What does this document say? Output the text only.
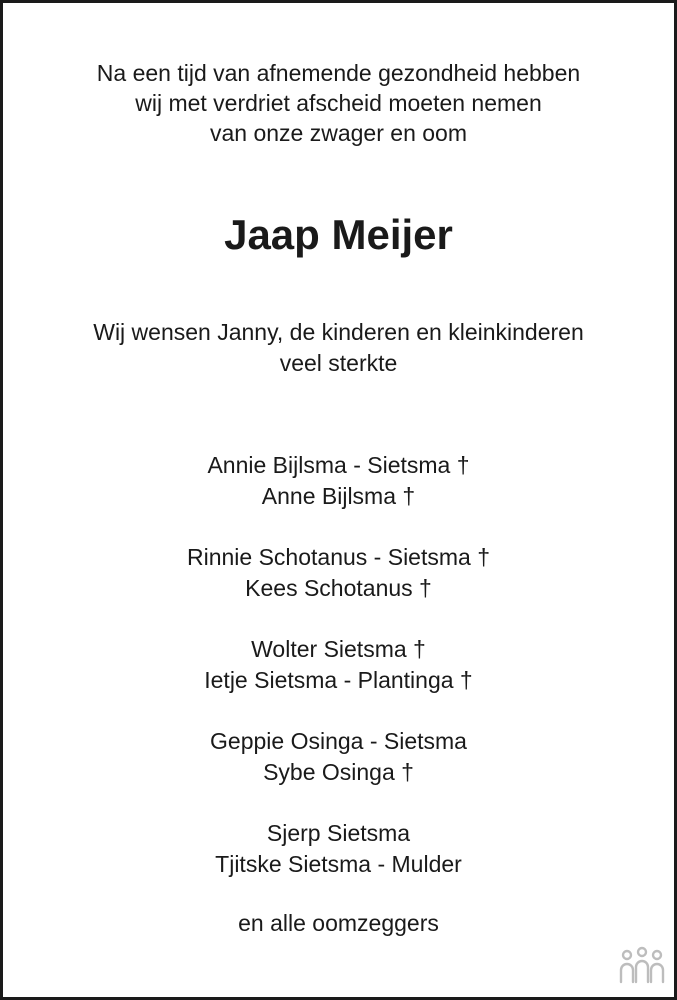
Na een tijd van afnemende gezondheid hebben
wij met verdriet afscheid moeten nemen
van onze zwager en oom
Jaap Meijer
Wij wensen Janny, de kinderen en kleinkinderen
veel sterkte
Annie Bijlsma - Sietsma †
Anne Bijlsma †
Rinnie Schotanus - Sietsma †
Kees Schotanus †
Wolter Sietsma †
Ietje Sietsma - Plantinga †
Geppie Osinga - Sietsma
Sybe Osinga †
Sjerp Sietsma
Tjitske Sietsma - Mulder
en alle oomzeggers
